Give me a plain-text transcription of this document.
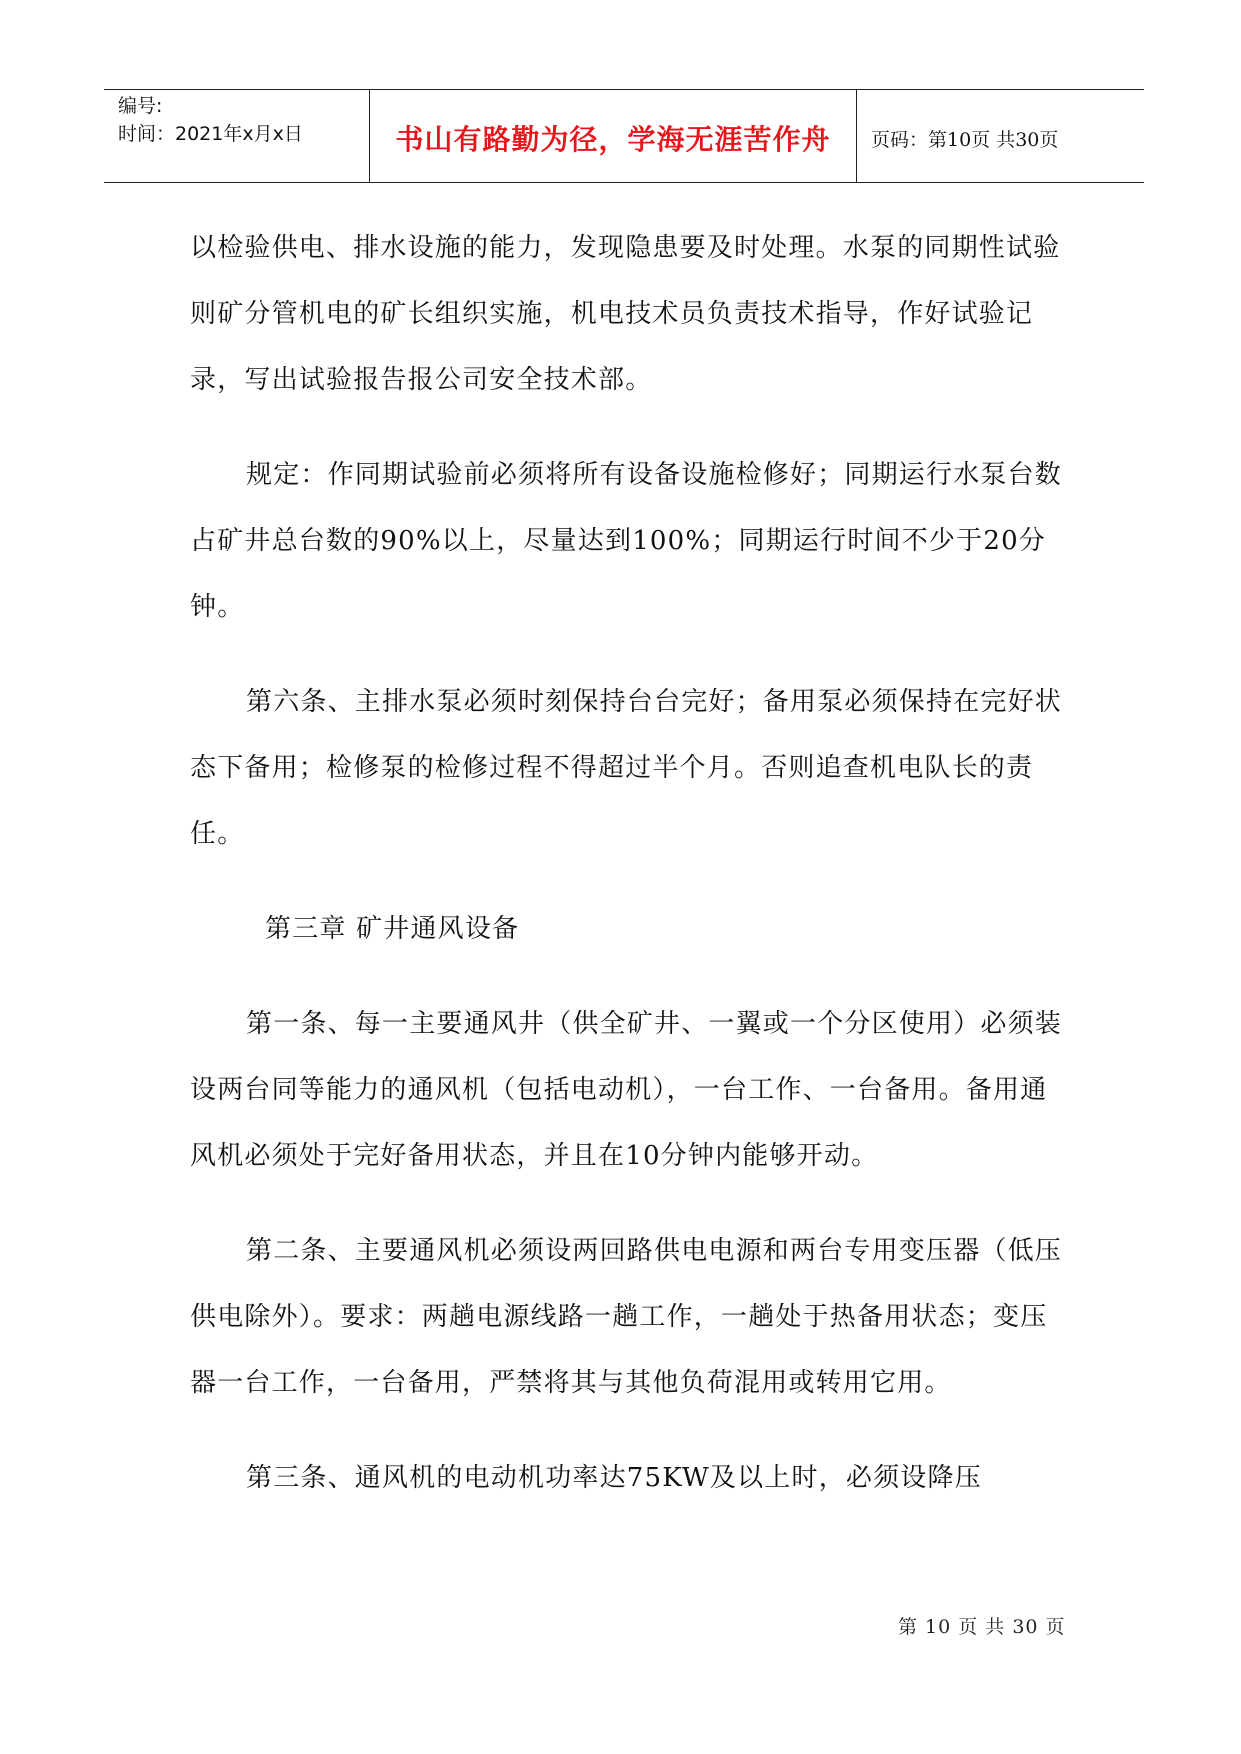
编号:
时间：2021年x月x日	书山有路勤为径，学海无涯苦作舟 页码：第10页 共30页

以检验供电、排水设施的能力，发现隐患要及时处理。水泵的同期性试验则矿分管机电的矿长组织实施，机电技术员负责技术指导，作好试验记录，写出试验报告报公司安全技术部。

规定：作同期试验前必须将所有设备设施检修好；同期运行水泵台数占矿井总台数的90%以上，尽量达到100%；同期运行时间不少于20分钟。

第六条、主排水泵必须时刻保持台台完好；备用泵必须保持在完好状态下备用；检修泵的检修过程不得超过半个月。否则追查机电队长的责任。

第三章 矿井通风设备

第一条、每一主要通风井（供全矿井、一翼或一个分区使用）必须装设两台同等能力的通风机（包括电动机），一台工作、一台备用。备用通风机必须处于完好备用状态，并且在10分钟内能够开动。

第二条、主要通风机必须设两回路供电电源和两台专用变压器（低压供电除外）。要求：两趟电源线路一趟工作，一趟处于热备用状态；变压器一台工作，一台备用，严禁将其与其他负荷混用或转用它用。

第三条、通风机的电动机功率达75KW及以上时，必须设降压

第 10 页 共 30 页
